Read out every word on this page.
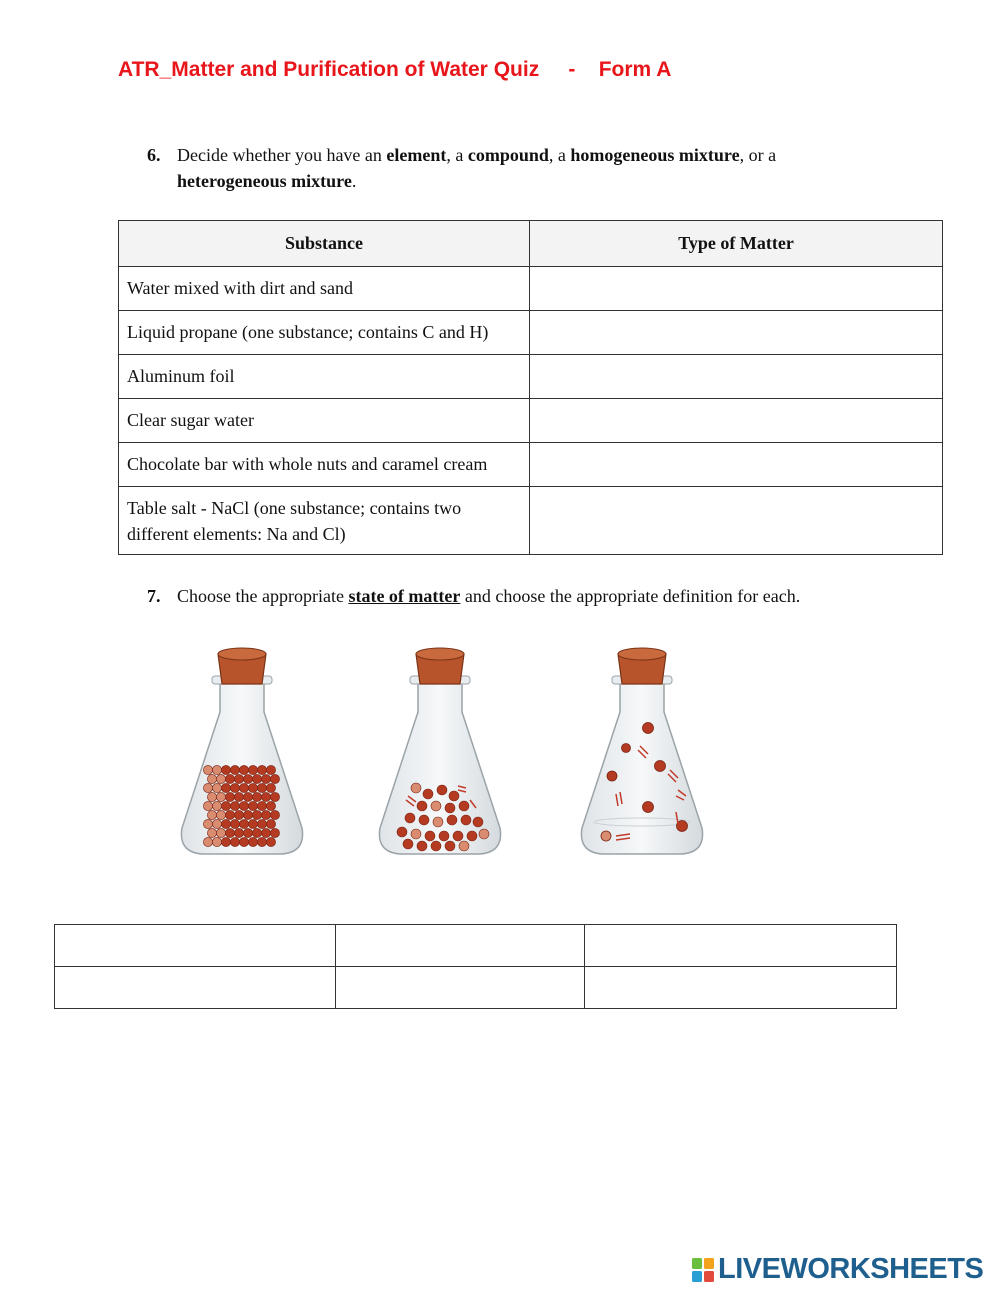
ATR_Matter and Purification of Water Quiz     -    Form A
6. Decide whether you have an element, a compound, a homogeneous mixture, or a
heterogeneous mixture.
Substance	Type of Matter
Water mixed with dirt and sand	
Liquid propane (one substance; contains C and H)	
Aluminum foil	
Clear sugar water	
Chocolate bar with whole nuts and caramel cream	
Table salt - NaCl (one substance; contains two
different elements: Na and Cl)	
7. Choose the appropriate state of matter and choose the appropriate definition for each.

LIVEWORKSHEETS
